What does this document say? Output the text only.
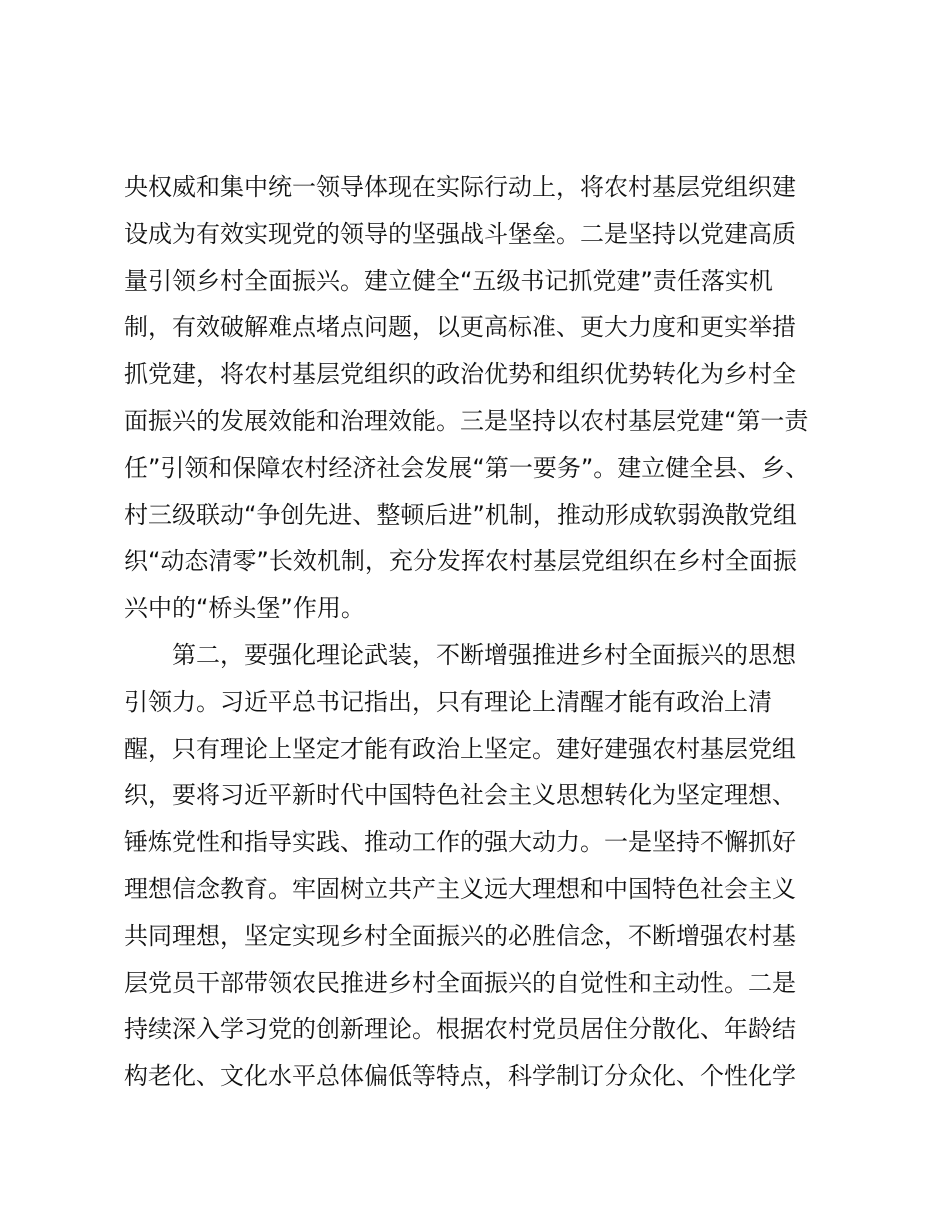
央权威和集中统一领导体现在实际行动上，将农村基层党组织建
设成为有效实现党的领导的坚强战斗堡垒。二是坚持以党建高质
量引领乡村全面振兴。建立健全“五级书记抓党建”责任落实机
制，有效破解难点堵点问题，以更高标准、更大力度和更实举措
抓党建，将农村基层党组织的政治优势和组织优势转化为乡村全
面振兴的发展效能和治理效能。三是坚持以农村基层党建“第一责
任”引领和保障农村经济社会发展“第一要务”。建立健全县、乡、
村三级联动“争创先进、整顿后进”机制，推动形成软弱涣散党组
织“动态清零”长效机制，充分发挥农村基层党组织在乡村全面振
兴中的“桥头堡”作用。
第二，要强化理论武装，不断增强推进乡村全面振兴的思想
引领力。习近平总书记指出，只有理论上清醒才能有政治上清
醒，只有理论上坚定才能有政治上坚定。建好建强农村基层党组
织，要将习近平新时代中国特色社会主义思想转化为坚定理想、
锤炼党性和指导实践、推动工作的强大动力。一是坚持不懈抓好
理想信念教育。牢固树立共产主义远大理想和中国特色社会主义
共同理想，坚定实现乡村全面振兴的必胜信念，不断增强农村基
层党员干部带领农民推进乡村全面振兴的自觉性和主动性。二是
持续深入学习党的创新理论。根据农村党员居住分散化、年龄结
构老化、文化水平总体偏低等特点，科学制订分众化、个性化学
